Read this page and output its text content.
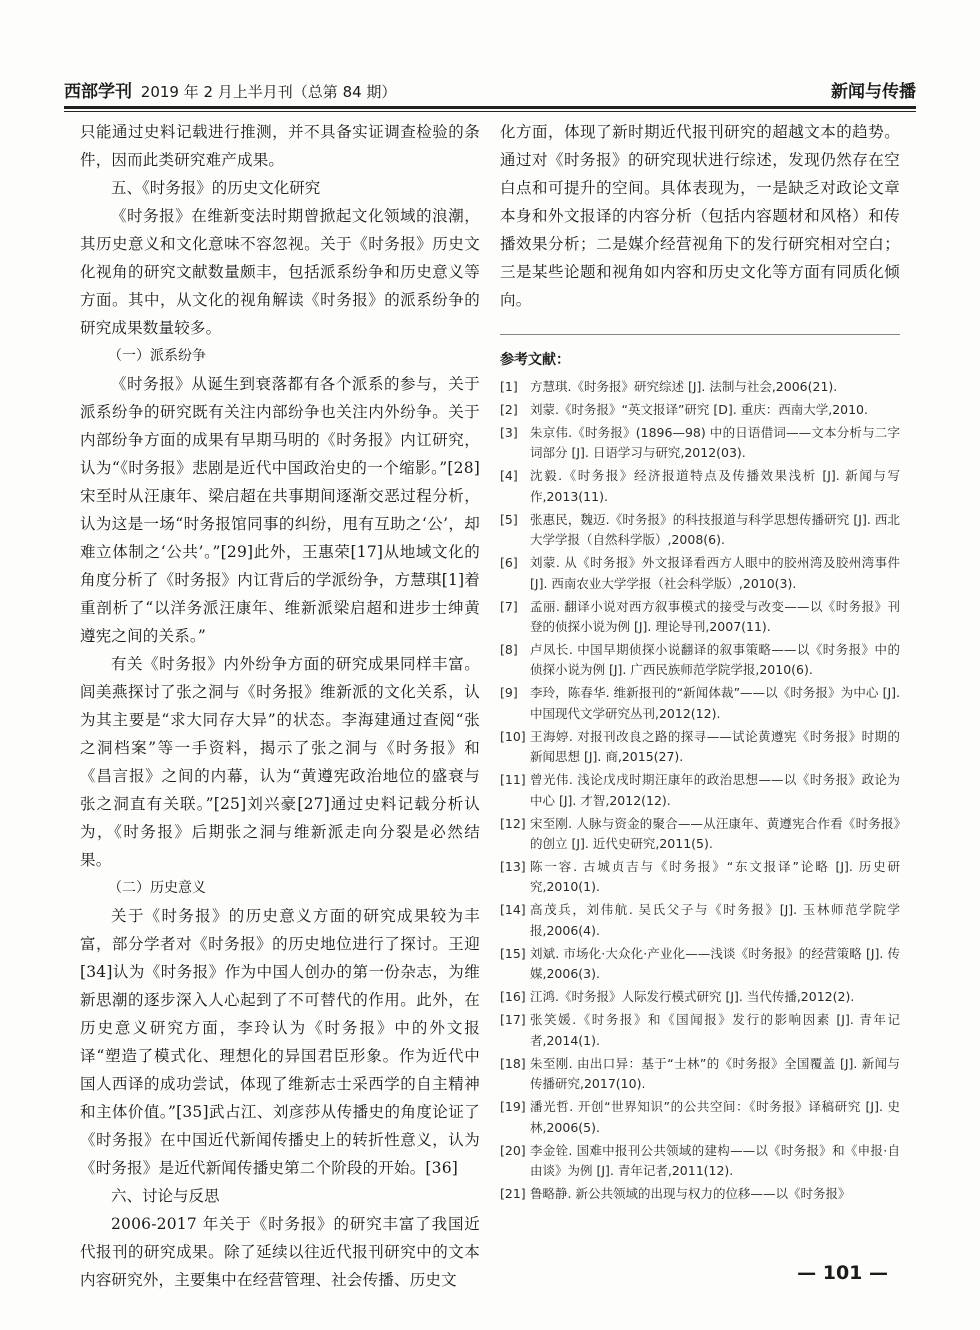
西部学刊 2019 年 2 月上半月刊（总第 84 期）	新闻与传播

只能通过史料记载进行推测，并不具备实证调查检验的条件，因而此类研究难产成果。

五、《时务报》的历史文化研究

《时务报》在维新变法时期曾掀起文化领域的浪潮，其历史意义和文化意味不容忽视。关于《时务报》历史文化视角的研究文献数量颇丰，包括派系纷争和历史意义等方面。其中，从文化的视角解读《时务报》的派系纷争的研究成果数量较多。

（一）派系纷争

《时务报》从诞生到衰落都有各个派系的参与，关于派系纷争的研究既有关注内部纷争也关注内外纷争。关于内部纷争方面的成果有早期马明的《时务报》内讧研究，认为“《时务报》悲剧是近代中国政治史的一个缩影。”[28]宋至时从汪康年、梁启超在共事期间逐渐交恶过程分析，认为这是一场“时务报馆同事的纠纷，甩有互助之‘公’，却难立体制之‘公共’。”[29]此外，王惠荣[17]从地域文化的角度分析了《时务报》内讧背后的学派纷争，方慧琪[1]着重剖析了“以洋务派汪康年、维新派梁启超和进步士绅黄遵宪之间的关系。”

有关《时务报》内外纷争方面的研究成果同样丰富。闾美燕探讨了张之洞与《时务报》维新派的文化关系，认为其主要是“求大同存大异”的状态。李海建通过查阅“张之洞档案”等一手资料，揭示了张之洞与《时务报》和《昌言报》之间的内幕，认为“黄遵宪政治地位的盛衰与张之洞直有关联。”[25]刘兴豪[27]通过史料记载分析认为，《时务报》后期张之洞与维新派走向分裂是必然结果。

（二）历史意义

关于《时务报》的历史意义方面的研究成果较为丰富，部分学者对《时务报》的历史地位进行了探讨。王迎[34]认为《时务报》作为中国人创办的第一份杂志，为维新思潮的逐步深入人心起到了不可替代的作用。此外，在历史意义研究方面，李玲认为《时务报》中的外文报译“塑造了模式化、理想化的异国君臣形象。作为近代中国人西译的成功尝试，体现了维新志士采西学的自主精神和主体价值。”[35]武占江、刘彦莎从传播史的角度论证了《时务报》在中国近代新闻传播史上的转折性意义，认为《时务报》是近代新闻传播史第二个阶段的开始。[36]

六、讨论与反思

2006-2017 年关于《时务报》的研究丰富了我国近代报刊的研究成果。除了延续以往近代报刊研究中的文本内容研究外，主要集中在经营管理、社会传播、历史文

化方面，体现了新时期近代报刊研究的超越文本的趋势。通过对《时务报》的研究现状进行综述，发现仍然存在空白点和可提升的空间。具体表现为，一是缺乏对政论文章本身和外文报译的内容分析（包括内容题材和风格）和传播效果分析；二是媒介经营视角下的发行研究相对空白；三是某些论题和视角如内容和历史文化等方面有同质化倾向。

参考文献：

[1] 方慧琪.《时务报》研究综述 [J]. 法制与社会,2006(21).
[2] 刘蒙.《时务报》“英文报译”研究 [D]. 重庆：西南大学,2010.
[3] 朱京伟.《时务报》(1896—98) 中的日语借词——文本分析与二字词部分 [J]. 日语学习与研究,2012(03).
[4] 沈毅.《时务报》经济报道特点及传播效果浅析 [J]. 新闻与写作,2013(11).
[5] 张惠民，魏迈.《时务报》的科技报道与科学思想传播研究 [J]. 西北大学学报（自然科学版）,2008(6).
[6] 刘蒙. 从《时务报》外文报译看西方人眼中的胶州湾及胶州湾事件 [J]. 西南农业大学学报（社会科学版）,2010(3).
[7] 孟丽. 翻译小说对西方叙事模式的接受与改变——以《时务报》刊登的侦探小说为例 [J]. 理论导刊,2007(11).
[8] 卢凤长. 中国早期侦探小说翻译的叙事策略——以《时务报》中的侦探小说为例 [J]. 广西民族师范学院学报,2010(6).
[9] 李玲，陈春华. 维新报刊的“新闻体裁”——以《时务报》为中心 [J]. 中国现代文学研究丛刊,2012(12).
[10] 王海婷. 对报刊改良之路的探寻——试论黄遵宪《时务报》时期的新闻思想 [J]. 商,2015(27).
[11] 曾光伟. 浅论戊戌时期汪康年的政治思想——以《时务报》政论为中心 [J]. 才智,2012(12).
[12] 宋至刚. 人脉与资金的聚合——从汪康年、黄遵宪合作看《时务报》的创立 [J]. 近代史研究,2011(5).
[13] 陈一容. 古城贞吉与《时务报》“东文报译”论略 [J]. 历史研究,2010(1).
[14] 高茂兵，刘伟航. 吴氏父子与《时务报》[J]. 玉林师范学院学报,2006(4).
[15] 刘斌. 市场化·大众化·产业化——浅谈《时务报》的经营策略 [J]. 传媒,2006(3).
[16] 江鸿.《时务报》人际发行模式研究 [J]. 当代传播,2012(2).
[17] 张笑媛.《时务报》和《国闻报》发行的影响因素 [J]. 青年记者,2014(1).
[18] 朱至刚. 由出口异：基于“士林”的《时务报》全国覆盖 [J]. 新闻与传播研究,2017(10).
[19] 潘光哲. 开创“世界知识”的公共空间：《时务报》译稿研究 [J]. 史林,2006(5).
[20] 李金铨. 国难中报刊公共领域的建构——以《时务报》和《申报·自由谈》为例 [J]. 青年记者,2011(12).
[21] 鲁略静. 新公共领域的出现与权力的位移——以《时务报》
— 101 —
